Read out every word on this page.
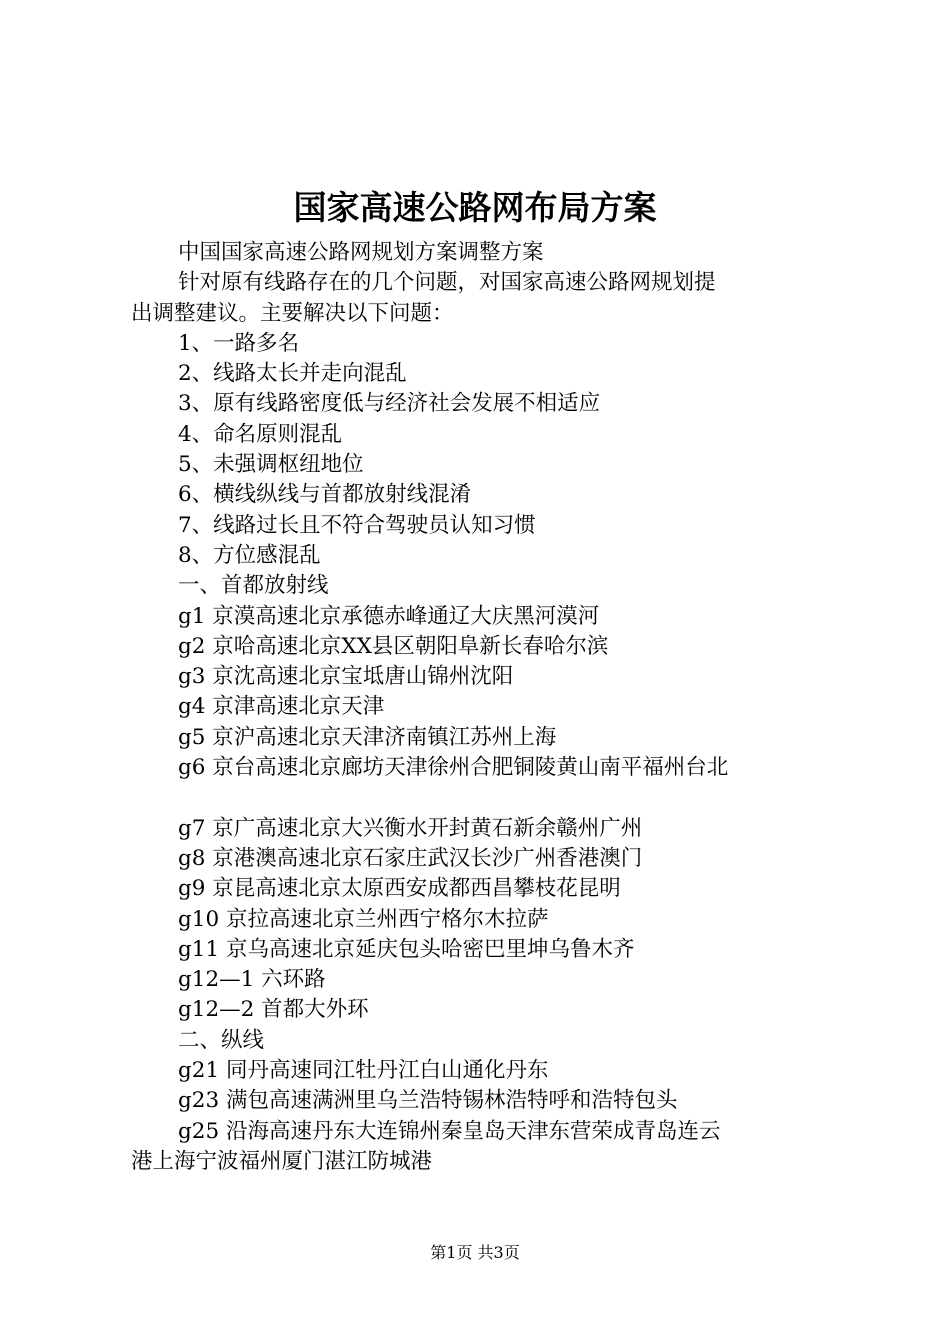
国家高速公路网布局方案
中国国家高速公路网规划方案调整方案
针对原有线路存在的几个问题，对国家高速公路网规划提
出调整建议。主要解决以下问题：
1、一路多名
2、线路太长并走向混乱
3、原有线路密度低与经济社会发展不相适应
4、命名原则混乱
5、未强调枢纽地位
6、横线纵线与首都放射线混淆
7、线路过长且不符合驾驶员认知习惯
8、方位感混乱
一、首都放射线
g1 京漠高速北京承德赤峰通辽大庆黑河漠河
g2 京哈高速北京XX县区朝阳阜新长春哈尔滨
g3 京沈高速北京宝坻唐山锦州沈阳
g4 京津高速北京天津
g5 京沪高速北京天津济南镇江苏州上海
g6 京台高速北京廊坊天津徐州合肥铜陵黄山南平福州台北
g7 京广高速北京大兴衡水开封黄石新余赣州广州
g8 京港澳高速北京石家庄武汉长沙广州香港澳门
g9 京昆高速北京太原西安成都西昌攀枝花昆明
g10 京拉高速北京兰州西宁格尔木拉萨
g11 京乌高速北京延庆包头哈密巴里坤乌鲁木齐
g12—1 六环路
g12—2 首都大外环
二、纵线
g21 同丹高速同江牡丹江白山通化丹东
g23 满包高速满洲里乌兰浩特锡林浩特呼和浩特包头
g25 沿海高速丹东大连锦州秦皇岛天津东营荣成青岛连云
港上海宁波福州厦门湛江防城港
第1页 共3页
